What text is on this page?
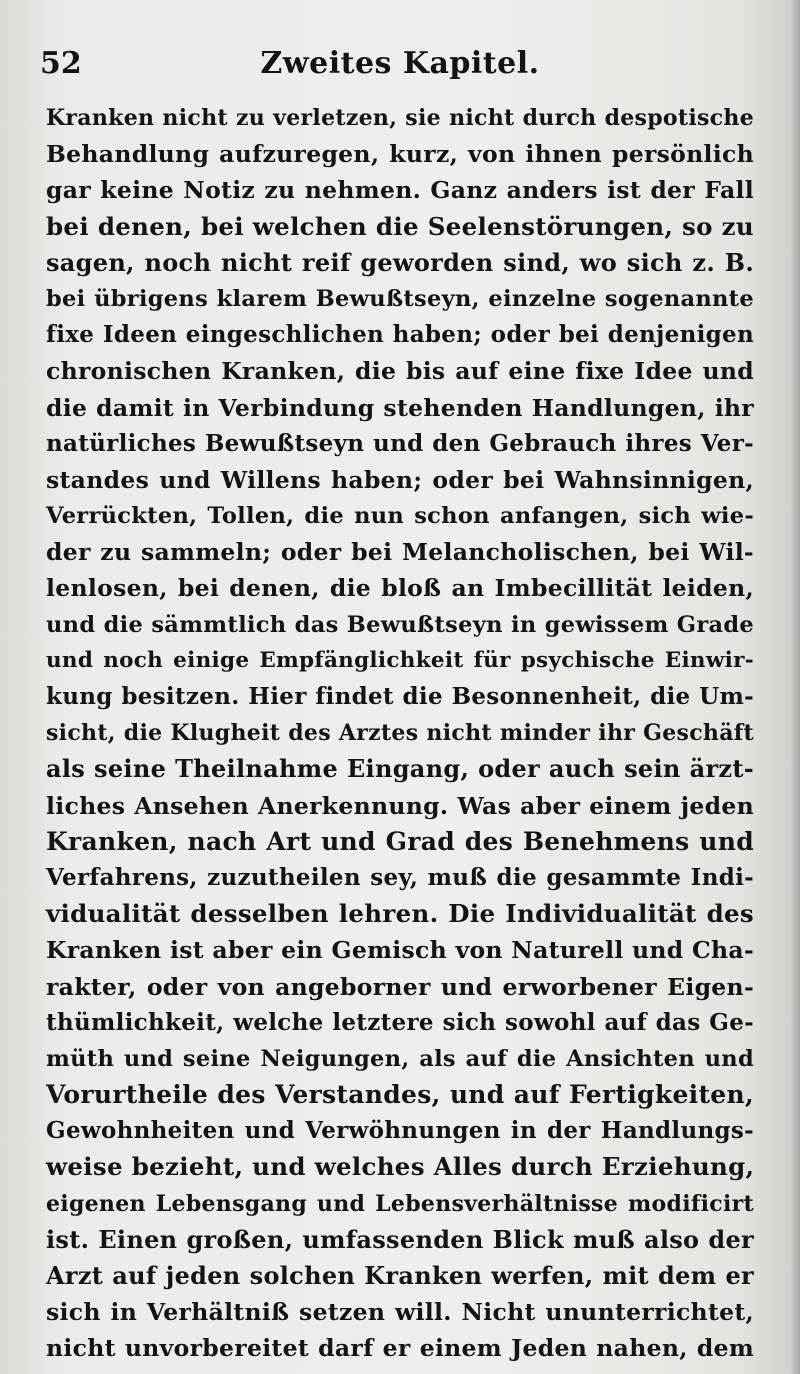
52	Zweites Kapitel.
Kranken nicht zu verletzen, sie nicht durch despotische
Behandlung aufzuregen, kurz, von ihnen persönlich
gar keine Notiz zu nehmen. Ganz anders ist der Fall
bei denen, bei welchen die Seelenstörungen, so zu
sagen, noch nicht reif geworden sind, wo sich z. B.
bei übrigens klarem Bewußtseyn, einzelne sogenannte
fixe Ideen eingeschlichen haben; oder bei denjenigen
chronischen Kranken, die bis auf eine fixe Idee und
die damit in Verbindung stehenden Handlungen, ihr
natürliches Bewußtseyn und den Gebrauch ihres Ver-
standes und Willens haben; oder bei Wahnsinnigen,
Verrückten, Tollen, die nun schon anfangen, sich wie-
der zu sammeln; oder bei Melancholischen, bei Wil-
lenlosen, bei denen, die bloß an Imbecillität leiden,
und die sämmtlich das Bewußtseyn in gewissem Grade
und noch einige Empfänglichkeit für psychische Einwir-
kung besitzen. Hier findet die Besonnenheit, die Um-
sicht, die Klugheit des Arztes nicht minder ihr Geschäft
als seine Theilnahme Eingang, oder auch sein ärzt-
liches Ansehen Anerkennung. Was aber einem jeden
Kranken, nach Art und Grad des Benehmens und
Verfahrens, zuzutheilen sey, muß die gesammte Indi-
vidualität desselben lehren. Die Individualität des
Kranken ist aber ein Gemisch von Naturell und Cha-
rakter, oder von angeborner und erworbener Eigen-
thümlichkeit, welche letztere sich sowohl auf das Ge-
müth und seine Neigungen, als auf die Ansichten und
Vorurtheile des Verstandes, und auf Fertigkeiten,
Gewohnheiten und Verwöhnungen in der Handlungs-
weise bezieht, und welches Alles durch Erziehung,
eigenen Lebensgang und Lebensverhältnisse modificirt
ist. Einen großen, umfassenden Blick muß also der
Arzt auf jeden solchen Kranken werfen, mit dem er
sich in Verhältniß setzen will. Nicht ununterrichtet,
nicht unvorbereitet darf er einem Jeden nahen, dem
